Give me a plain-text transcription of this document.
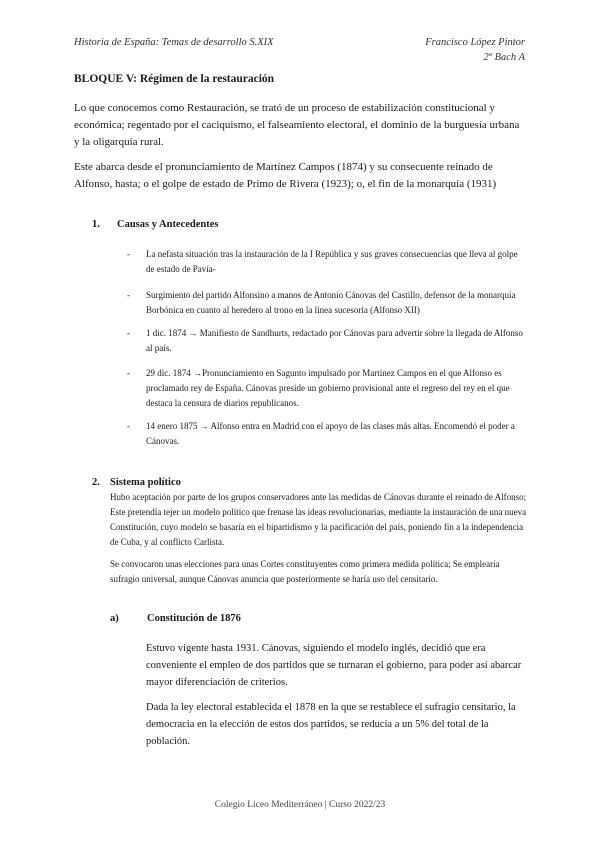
Historia de España: Temas de desarrollo S.XIX	Francisco López Pintor
2º Bach A
BLOQUE V: Régimen de la restauración

Lo que conocemos como Restauración, se trató de un proceso de estabilización constitucional y económica; regentado por el caciquismo, el falseamiento electoral, el dominio de la burguesía urbana y la oligarquía rural.

Este abarca desde el pronunciamiento de Martínez Campos (1874) y su consecuente reinado de Alfonso, hasta; o el golpe de estado de Primo de Rivera (1923); o, el fin de la monarquía (1931)

1. Causas y Antecedentes
-	La nefasta situación tras la instauración de la I República y sus graves consecuencias que lleva al golpe de estado de Pavía-
-	Surgimiento del partido Alfonsino a manos de Antonio Cánovas del Castillo, defensor de la monarquía Borbónica en cuanto al heredero al trono en la línea sucesoria (Alfonso XII)
-	1 dic. 1874 → Manifiesto de Sandhurts, redactado por Cánovas para advertir sobre la llegada de Alfonso al país.
-	29 dic. 1874 →Pronunciamiento en Sagunto impulsado por Martínez Campos en el que Alfonso es proclamado rey de España. Cánovas preside un gobierno provisional ante el regreso del rey en el que destaca la censura de diarios republicanos.
-	14 enero 1875 → Alfonso entra en Madrid con el apoyo de las clases más altas. Encomendó el poder a Cánovas.
2. Sistema político

Hubo aceptación por parte de los grupos conservadores ante las medidas de Cánovas durante el reinado de Alfonso; Este pretendía tejer un modelo político que frenase las ideas revolucionarias, mediante la instauración de una nueva Constitución, cuyo modelo se basaría en el bipartidismo y la pacificación del país, poniendo fin a la independencia de Cuba, y al conflicto Carlista.

Se convocaron unas elecciones para unas Cortes constituyentes como primera medida política; Se emplearía sufragio universal, aunque Cánovas anuncia que posteriormente se haría uso del censitario.

a)	Constitución de 1876

Estuvo vigente hasta 1931. Cánovas, siguiendo el modelo inglés, decidió que era conveniente el empleo de dos partidos que se turnaran el gobierno, para poder así abarcar mayor diferenciación de criterios.

Dada la ley electoral establecida el 1878 en la que se restablece el sufragio censitario, la democracia en la elección de estos dos partidos, se reducía a un 5% del total de la población.

Colegio Liceo Mediterráneo | Curso 2022/23
